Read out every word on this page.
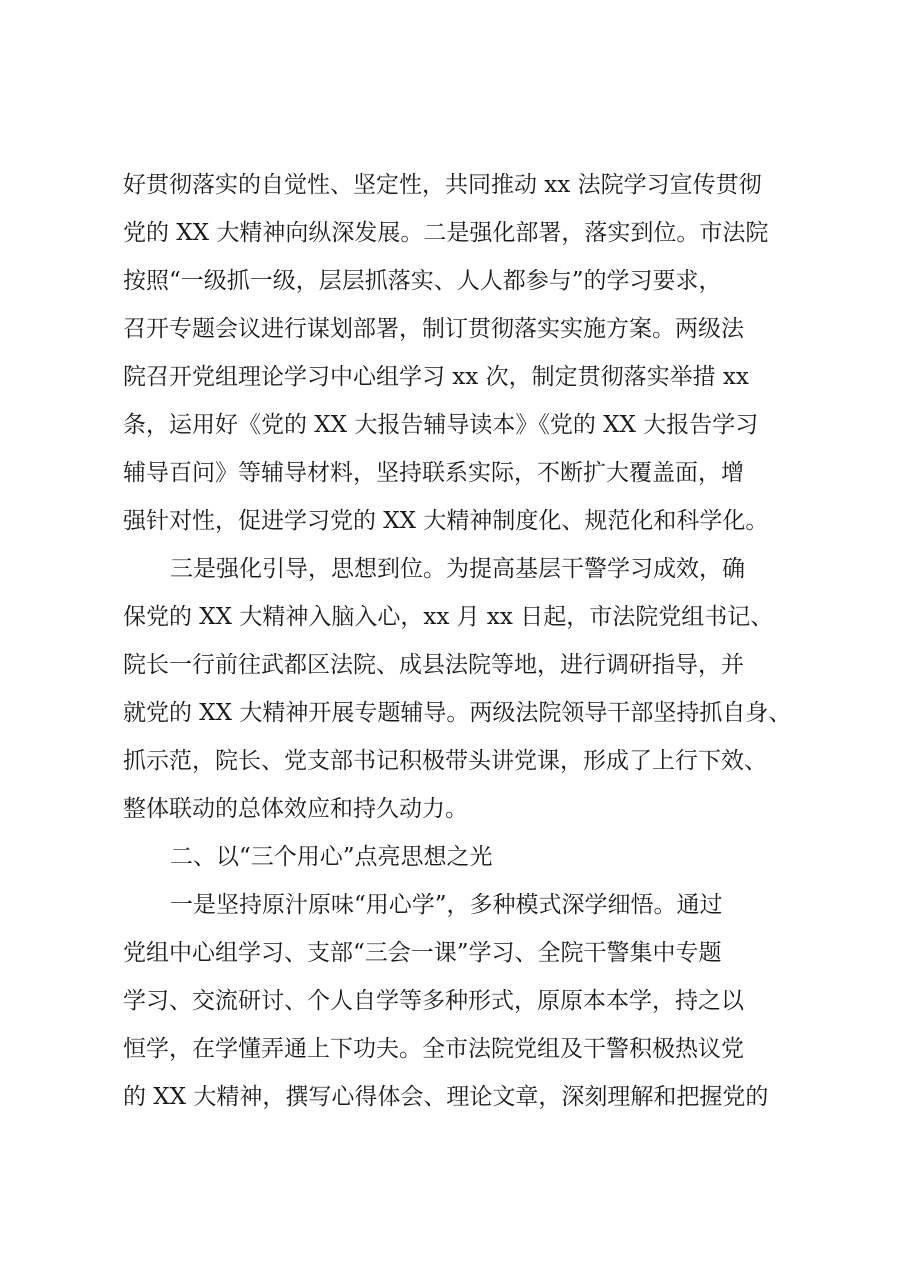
好贯彻落实的自觉性、坚定性，共同推动 xx 法院学习宣传贯彻
党的 XX 大精神向纵深发展。二是强化部署，落实到位。市法院
按照“一级抓一级，层层抓落实、人人都参与”的学习要求，
召开专题会议进行谋划部署，制订贯彻落实实施方案。两级法
院召开党组理论学习中心组学习 xx 次，制定贯彻落实举措 xx
条，运用好《党的 XX 大报告辅导读本》《党的 XX 大报告学习
辅导百问》等辅导材料，坚持联系实际，不断扩大覆盖面，增
强针对性，促进学习党的 XX 大精神制度化、规范化和科学化。
三是强化引导，思想到位。为提高基层干警学习成效，确
保党的 XX 大精神入脑入心，xx 月 xx 日起，市法院党组书记、
院长一行前往武都区法院、成县法院等地，进行调研指导，并
就党的 XX 大精神开展专题辅导。两级法院领导干部坚持抓自身、
抓示范，院长、党支部书记积极带头讲党课，形成了上行下效、
整体联动的总体效应和持久动力。
二、以“三个用心”点亮思想之光
一是坚持原汁原味“用心学”，多种模式深学细悟。通过
党组中心组学习、支部“三会一课”学习、全院干警集中专题
学习、交流研讨、个人自学等多种形式，原原本本学，持之以
恒学，在学懂弄通上下功夫。全市法院党组及干警积极热议党
的 XX 大精神，撰写心得体会、理论文章，深刻理解和把握党的
